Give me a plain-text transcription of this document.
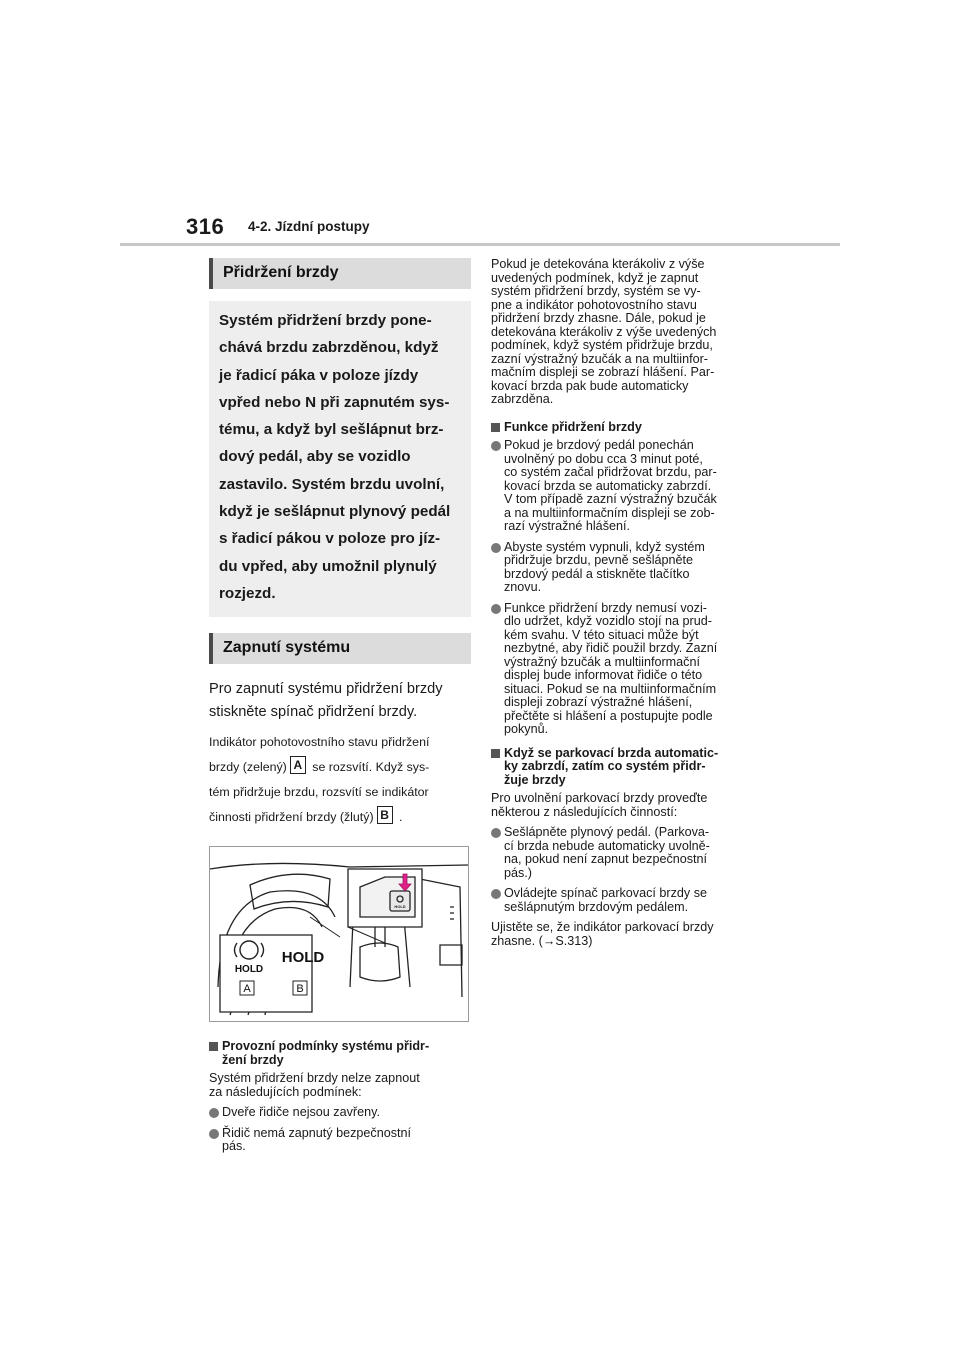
316 4-2. Jízdní postupy
Přidržení brzdy
Systém přidržení brzdy pone-
chává brzdu zabrzděnou, když
je řadicí páka v poloze jízdy
vpřed nebo N při zapnutém sys-
tému, a když byl sešlápnut brz-
dový pedál, aby se vozidlo
zastavilo. Systém brzdu uvolní,
když je sešlápnut plynový pedál
s řadicí pákou v poloze pro jíz-
du vpřed, aby umožnil plynulý
rozjezd.
Zapnutí systému
Pro zapnutí systému přidržení brzdy
stiskněte spínač přidržení brzdy.

Indikátor pohotovostního stavu přidržení

brzdy (zelený) A se rozsvítí. Když sys-

tém přidržuje brzdu, rozsvítí se indikátor

činnosti přidržení brzdy (žlutý) B .

HOLD
HOLD
HOLD
A	B
Provozní podmínky systému přidr-
žení brzdy
Systém přidržení brzdy nelze zapnout
za následujících podmínek:
Dveře řidiče nejsou zavřeny.
Řidič nemá zapnutý bezpečnostní
pás.
Pokud je detekována kterákoliv z výše
uvedených podmínek, když je zapnut
systém přidržení brzdy, systém se vy-
pne a indikátor pohotovostního stavu
přidržení brzdy zhasne. Dále, pokud je
detekována kterákoliv z výše uvedených
podmínek, když systém přidržuje brzdu,
zazní výstražný bzučák a na multiinfor-
mačním displeji se zobrazí hlášení. Par-
kovací brzda pak bude automaticky
zabrzděna.
Funkce přidržení brzdy
Pokud je brzdový pedál ponechán
uvolněný po dobu cca 3 minut poté,
co systém začal přidržovat brzdu, par-
kovací brzda se automaticky zabrzdí.
V tom případě zazní výstražný bzučák
a na multiinformačním displeji se zob-
razí výstražné hlášení.
Abyste systém vypnuli, když systém
přidržuje brzdu, pevně sešlápněte
brzdový pedál a stiskněte tlačítko
znovu.
Funkce přidržení brzdy nemusí vozi-
dlo udržet, když vozidlo stojí na prud-
kém svahu. V této situaci může být
nezbytné, aby řidič použil brzdy. Zazní
výstražný bzučák a multiinformační
displej bude informovat řidiče o této
situaci. Pokud se na multiinformačním
displeji zobrazí výstražné hlášení,
přečtěte si hlášení a postupujte podle
pokynů.
Když se parkovací brzda automatic-
ky zabrzdí, zatím co systém přidr-
žuje brzdy
Pro uvolnění parkovací brzdy proveďte
některou z následujících činností:
Sešlápněte plynový pedál. (Parkova-
cí brzda nebude automaticky uvolně-
na, pokud není zapnut bezpečnostní
pás.)
Ovládejte spínač parkovací brzdy se
sešlápnutým brzdovým pedálem.
Ujistěte se, že indikátor parkovací brzdy
zhasne. (→S.313)
